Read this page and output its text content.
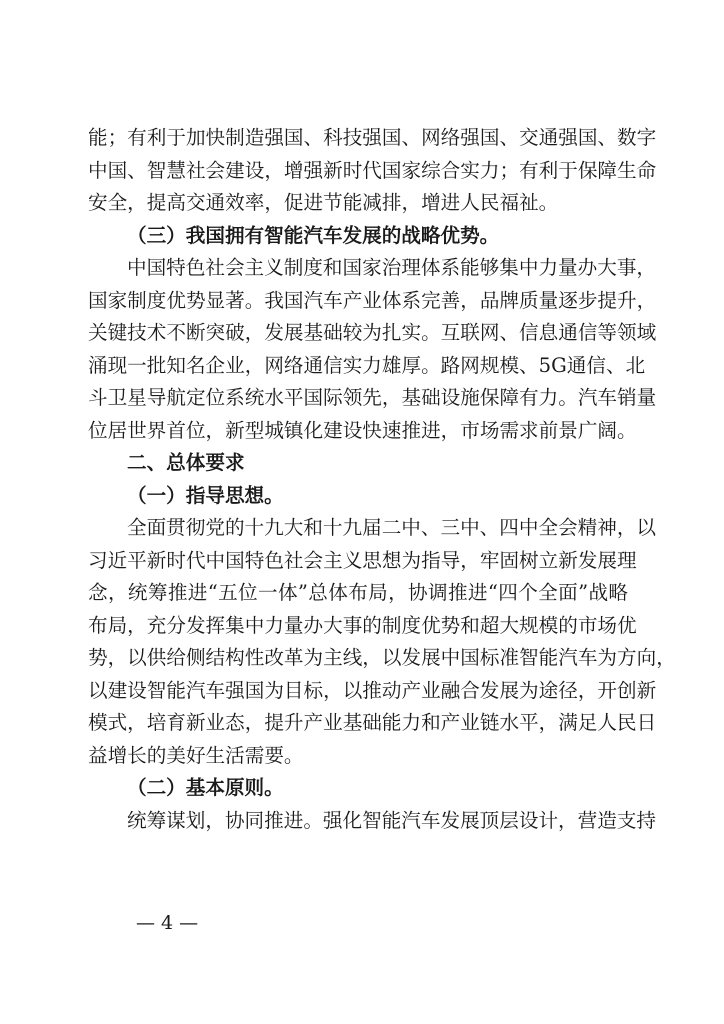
能；有利于加快制造强国、科技强国、网络强国、交通强国、数字
中国、智慧社会建设，增强新时代国家综合实力；有利于保障生命
安全，提高交通效率，促进节能减排，增进人民福祉。
（三）我国拥有智能汽车发展的战略优势。
中国特色社会主义制度和国家治理体系能够集中力量办大事，
国家制度优势显著。我国汽车产业体系完善，品牌质量逐步提升，
关键技术不断突破，发展基础较为扎实。互联网、信息通信等领域
涌现一批知名企业，网络通信实力雄厚。路网规模、5G通信、北
斗卫星导航定位系统水平国际领先，基础设施保障有力。汽车销量
位居世界首位，新型城镇化建设快速推进，市场需求前景广阔。
二、总体要求
（一）指导思想。
全面贯彻党的十九大和十九届二中、三中、四中全会精神，以
习近平新时代中国特色社会主义思想为指导，牢固树立新发展理
念，统筹推进“五位一体”总体布局，协调推进“四个全面”战略
布局，充分发挥集中力量办大事的制度优势和超大规模的市场优
势，以供给侧结构性改革为主线，以发展中国标准智能汽车为方向，
以建设智能汽车强国为目标，以推动产业融合发展为途径，开创新
模式，培育新业态，提升产业基础能力和产业链水平，满足人民日
益增长的美好生活需要。
（二）基本原则。
统筹谋划，协同推进。强化智能汽车发展顶层设计，营造支持
— 4 —
